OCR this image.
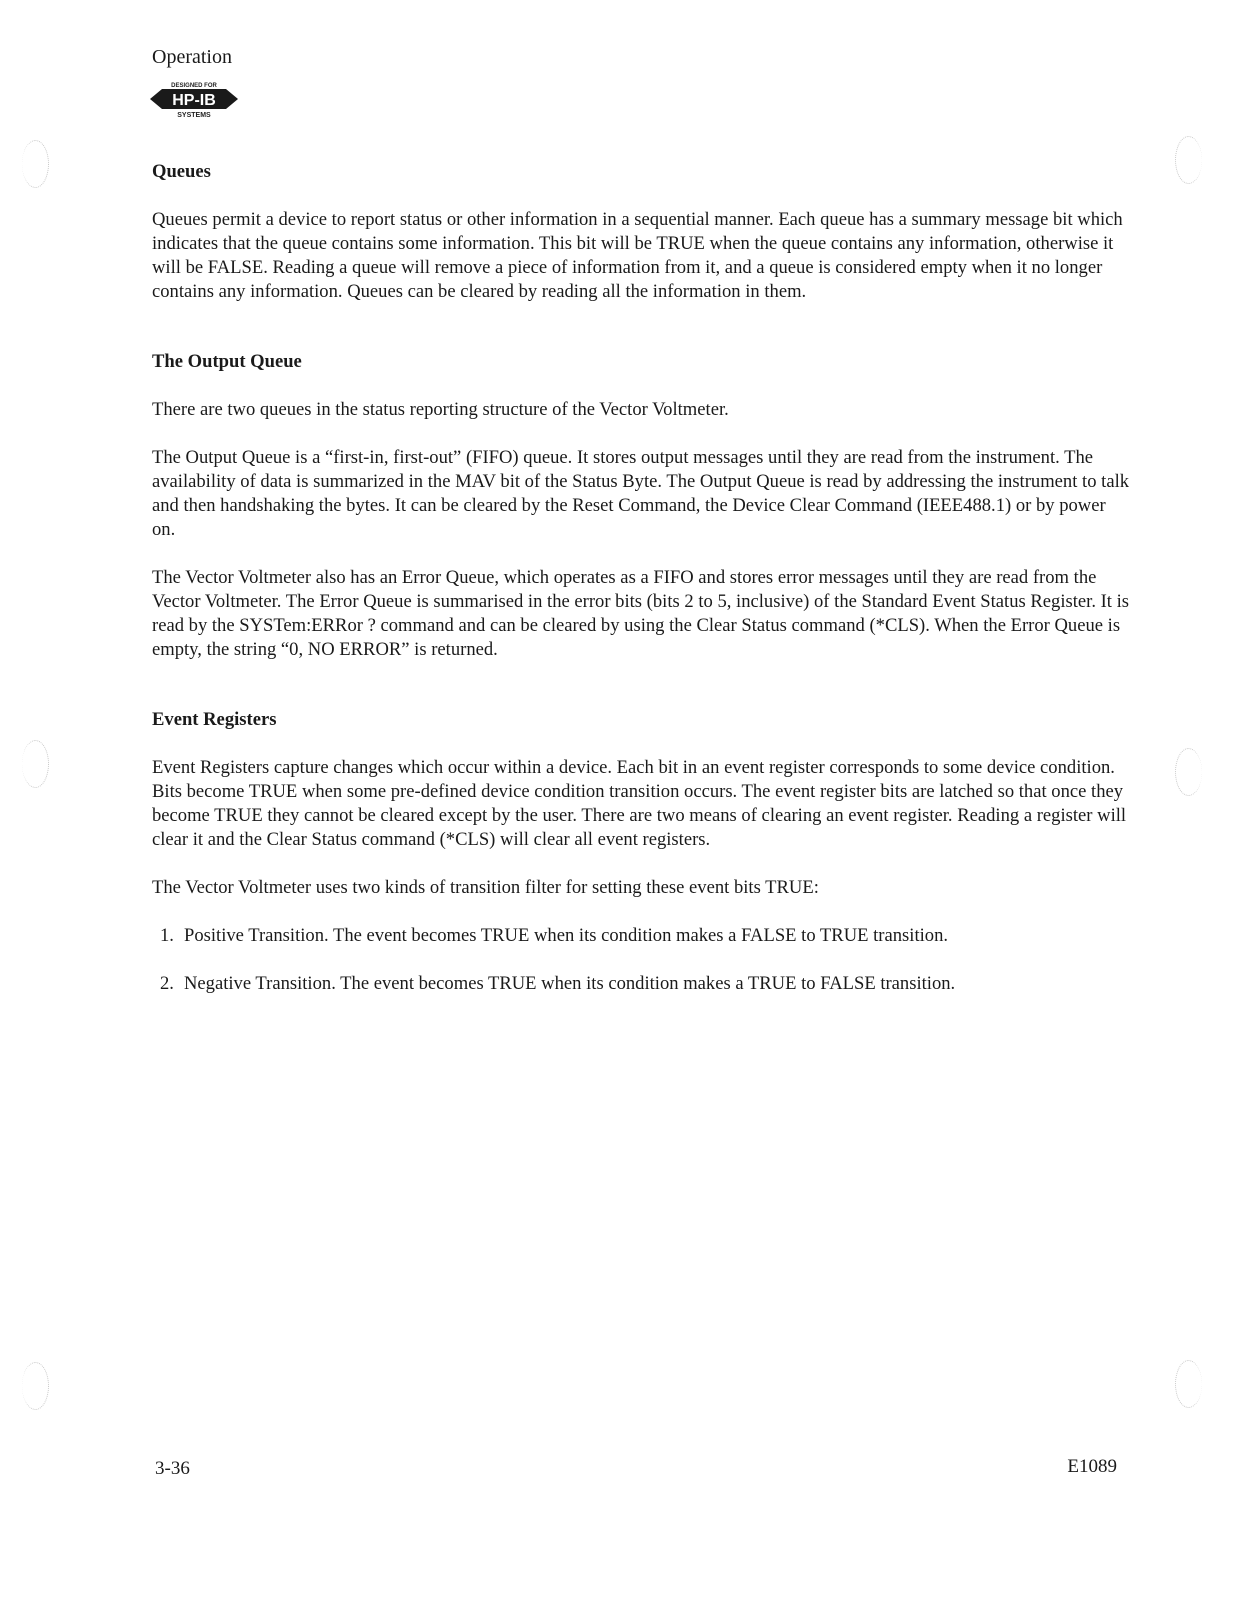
Operation
DESIGNED FOR
HP-IB
SYSTEMS
Queues

Queues permit a device to report status or other information in a sequential manner. Each queue has a summary message bit which indicates that the queue contains some information. This bit will be TRUE when the queue contains any information, otherwise it will be FALSE. Reading a queue will remove a piece of information from it, and a queue is considered empty when it no longer contains any information. Queues can be cleared by reading all the information in them.

The Output Queue

There are two queues in the status reporting structure of the Vector Voltmeter.

The Output Queue is a “first-in, first-out” (FIFO) queue. It stores output messages until they are read from the instrument. The availability of data is summarized in the MAV bit of the Status Byte. The Output Queue is read by addressing the instrument to talk and then handshaking the bytes. It can be cleared by the Reset Command, the Device Clear Command (IEEE488.1) or by power on.

The Vector Voltmeter also has an Error Queue, which operates as a FIFO and stores error messages until they are read from the Vector Voltmeter. The Error Queue is summarised in the error bits (bits 2 to 5, inclusive) of the Standard Event Status Register. It is read by the SYSTem:ERRor ? command and can be cleared by using the Clear Status command (*CLS). When the Error Queue is empty, the string “0, NO ERROR” is returned.

Event Registers

Event Registers capture changes which occur within a device. Each bit in an event register corresponds to some device condition. Bits become TRUE when some pre-defined device condition transition occurs. The event register bits are latched so that once they become TRUE they cannot be cleared except by the user. There are two means of clearing an event register. Reading a register will clear it and the Clear Status command (*CLS) will clear all event registers.

The Vector Voltmeter uses two kinds of transition filter for setting these event bits TRUE:

1. Positive Transition. The event becomes TRUE when its condition makes a FALSE to TRUE transition.
2. Negative Transition. The event becomes TRUE when its condition makes a TRUE to FALSE transition.
3-36	E1089
